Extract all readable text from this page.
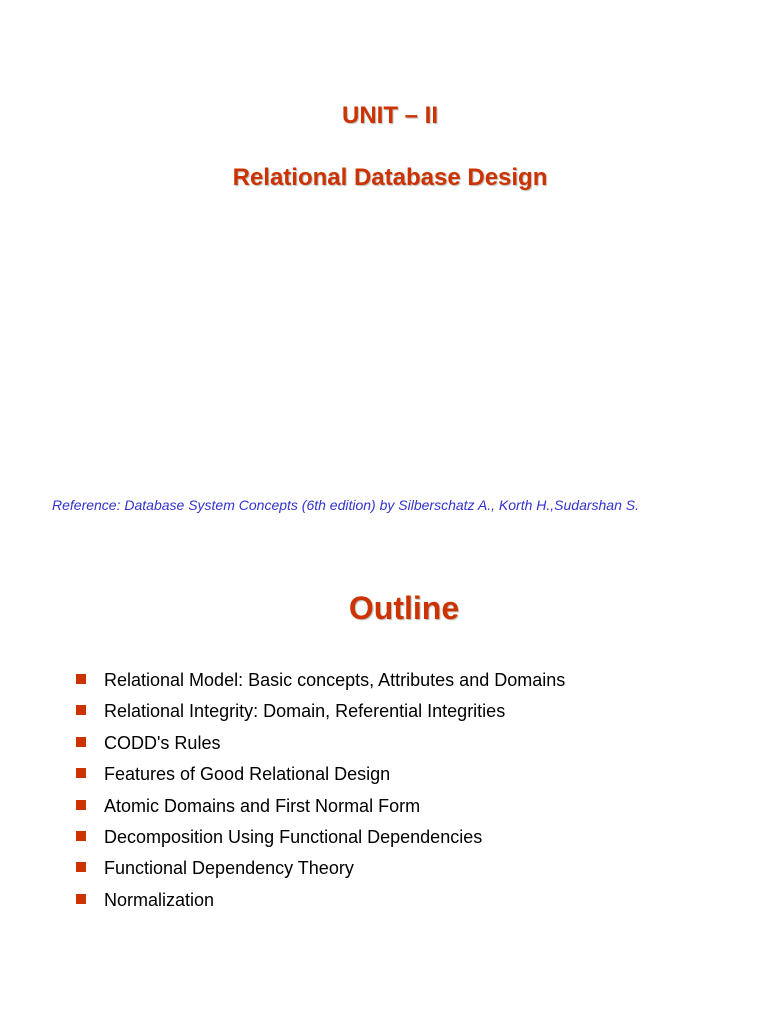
UNIT – II
Relational Database Design

Reference: Database System Concepts (6th edition) by Silberschatz A., Korth H.,Sudarshan S.

Outline
Relational Model: Basic concepts, Attributes and Domains
Relational Integrity: Domain, Referential Integrities
CODD's Rules
Features of Good Relational Design
Atomic Domains and First Normal Form
Decomposition Using Functional Dependencies
Functional Dependency Theory
Normalization
